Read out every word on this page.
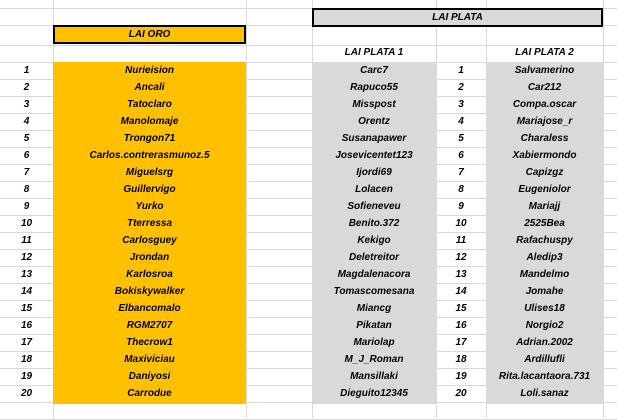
LAI PLATA
LAI ORO
LAI PLATA 1	LAI PLATA 2
1	Nurieision	Carc7	1	Salvamerino
2	Ancali	Rapuco55	2	Car212
3	Tatoclaro	Misspost	3	Compa.oscar
4	Manolomaje	Orentz	4	Mariajose_r
5	Trongon71	Susanapawer	5	Charaless
6	Carlos.contrerasmunoz.5	Josevicentet123	6	Xabiermondo
7	Miguelsrg	Ijordi69	7	Capizgz
8	Guillervigo	Lolacen	8	Eugeniolor
9	Yurko	Sofieneveu	9	Mariajj
10	Tterressa	Benito.372	10	2525Bea
11	Carlosguey	Kekigo	11	Rafachuspy
12	Jrondan	Deletreitor	12	Aledip3
13	Karlosroa	Magdalenacora	13	Mandelmo
14	Bokiskywalker	Tomascomesana	14	Jomahe
15	Elbancomalo	Miancg	15	Ulises18
16	RGM2707	Pikatan	16	Norgio2
17	Thecrow1	Mariolap	17	Adrian.2002
18	Maxiviciau	M_J_Roman	18	Ardillufli
19	Daniyosi	Mansillaki	19	Rita.lacantaora.731
20	Carrodue	Dieguito12345	20	Loli.sanaz
